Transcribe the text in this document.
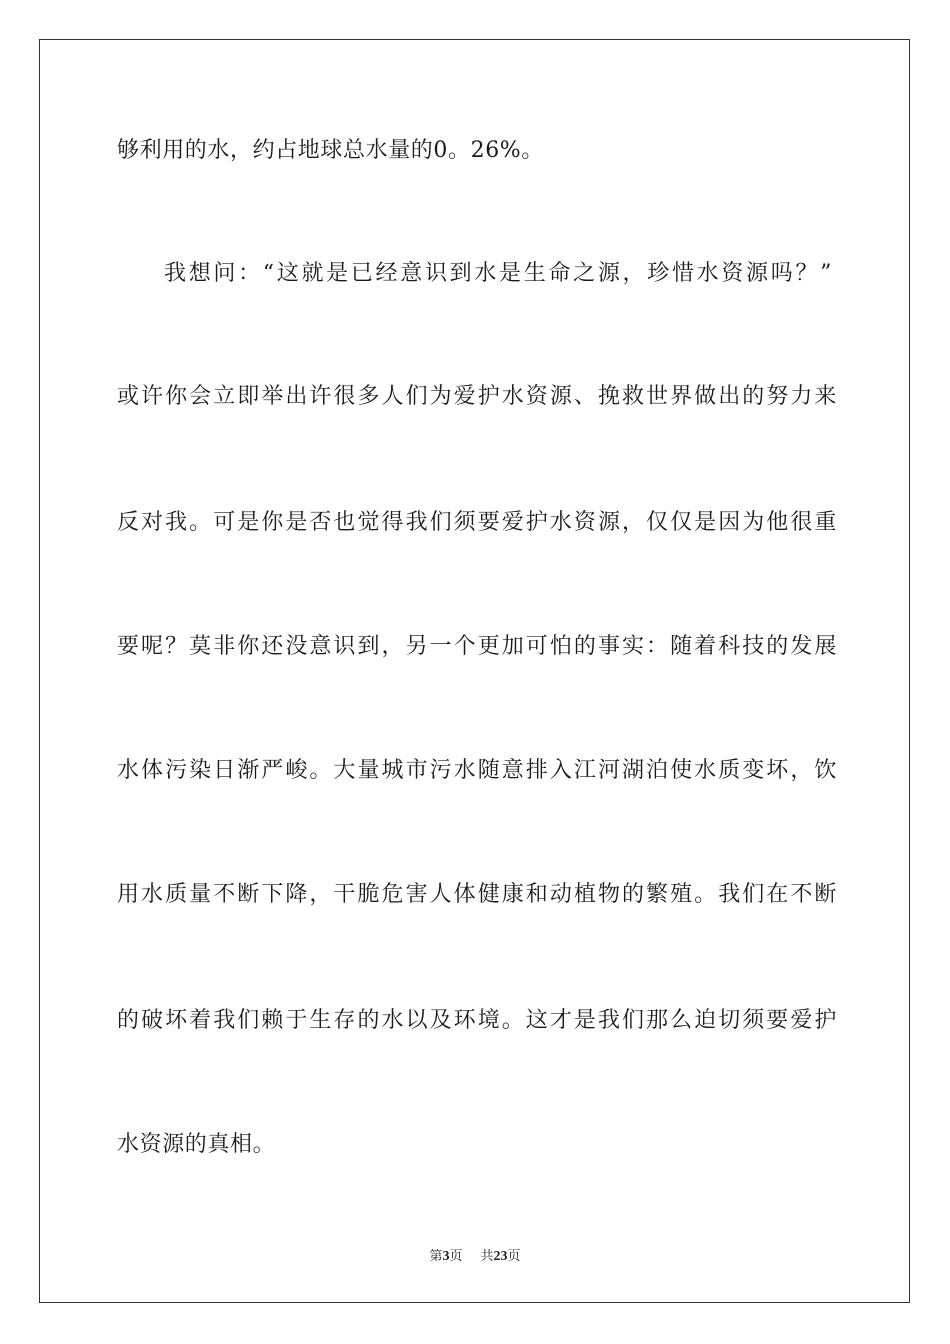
够利用的水，约占地球总水量的0。26%。
我想问：“这就是已经意识到水是生命之源，珍惜水资源吗？”
或许你会立即举出许很多人们为爱护水资源、挽救世界做出的努力来
反对我。可是你是否也觉得我们须要爱护水资源，仅仅是因为他很重
要呢？莫非你还没意识到，另一个更加可怕的事实：随着科技的发展
水体污染日渐严峻。大量城市污水随意排入江河湖泊使水质变坏，饮
用水质量不断下降，干脆危害人体健康和动植物的繁殖。我们在不断
的破坏着我们赖于生存的水以及环境。这才是我们那么迫切须要爱护
水资源的真相。
第3页 共23页
